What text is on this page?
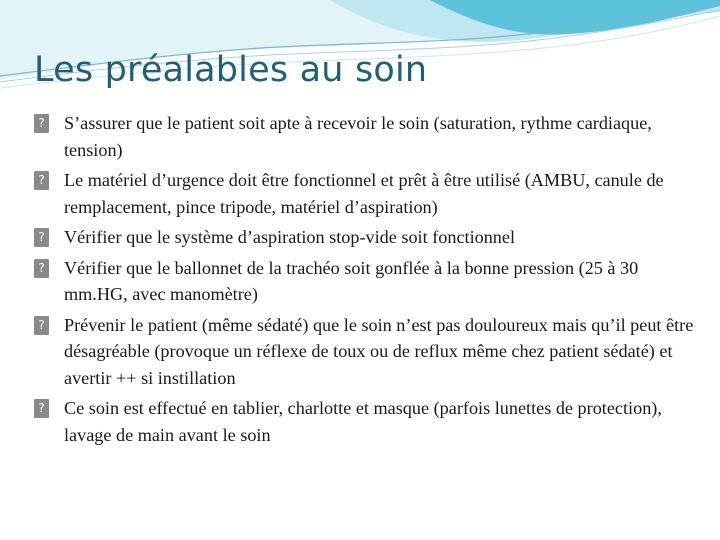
Les préalables au soin
? S’assurer que le patient soit apte à recevoir le soin (saturation, rythme cardiaque, tension)
? Le matériel d’urgence doit être fonctionnel et prêt à être utilisé (AMBU, canule de remplacement, pince tripode, matériel d’aspiration)
? Vérifier que le système d’aspiration stop-vide soit fonctionnel
? Vérifier que le ballonnet de la trachéo soit gonflée à la bonne pression (25 à 30 mm.HG, avec manomètre)
? Prévenir le patient (même sédaté) que le soin n’est pas douloureux mais qu’il peut être désagréable (provoque un réflexe de toux ou de reflux même chez patient sédaté) et avertir ++ si instillation
? Ce soin est effectué en tablier, charlotte et masque (parfois lunettes de protection), lavage de main avant le soin
